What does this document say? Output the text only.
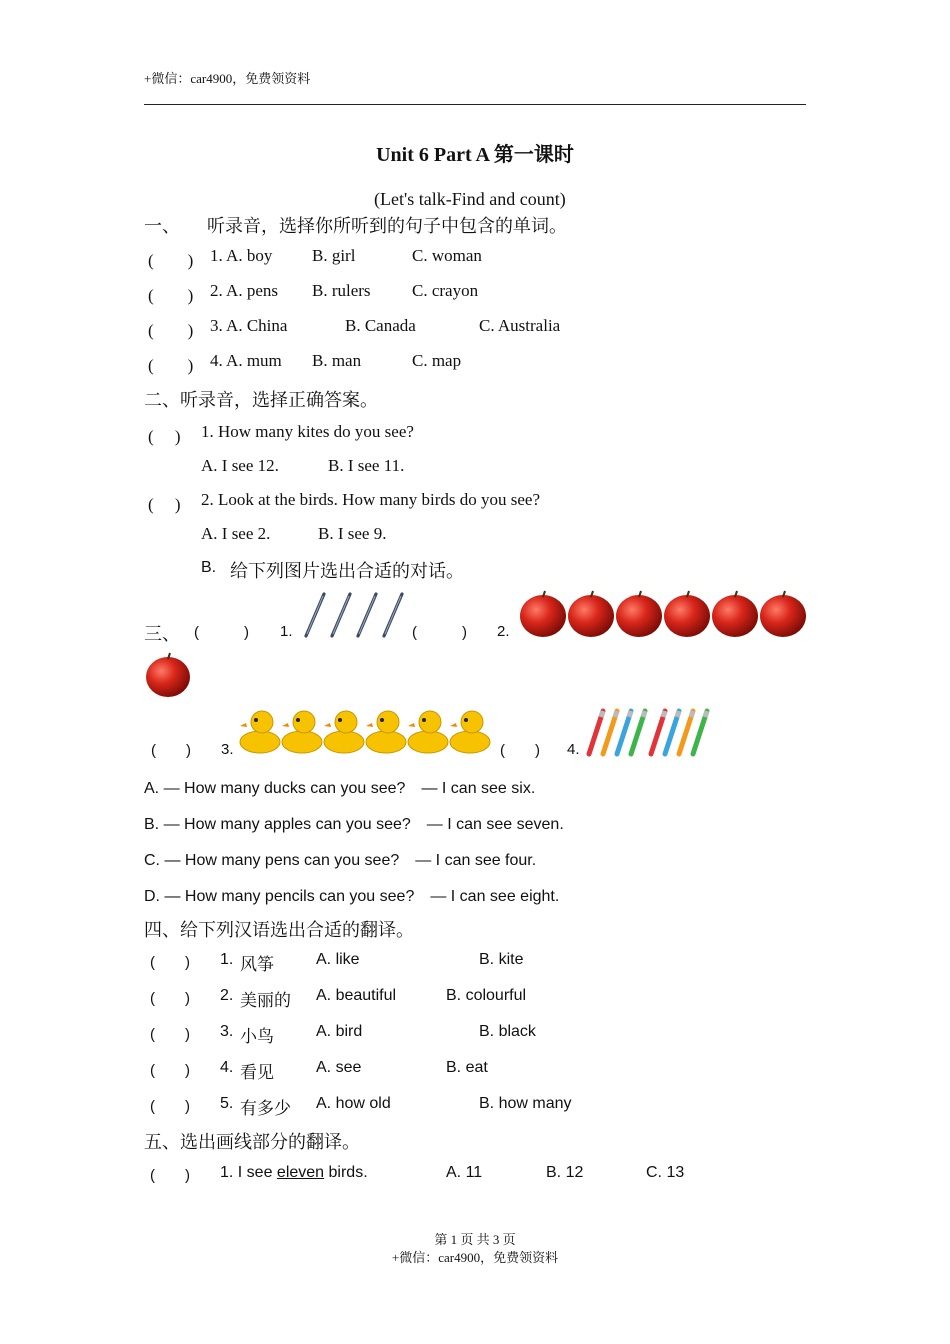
+微信：car4900，免费领资料
Unit 6 Part A 第一课时
(Let's talk-Find and count)
一、　　听录音，选择你所听到的句子中包含的单词。
(　　) 1. A. boy B. girl	C. woman
(　　) 2. A. pens B. rulers C. crayon
(　　) 3. A. China	B. Canada	C. Australia
(　　) 4. A. mum B. man	C. map
二、听录音，选择正确答案。
(　 ) 1. How many kites do you see?
A. I see 12.	B. I see 11.
(　 ) 2. Look at the birds. How many birds do you see?
A. I see 2.	B. I see 9.
B. 给下列图片选出合适的对话。
三、 (　　　) 1.	(　　　) 2.
(　　) 3.	(　　) 4.
A. — How many ducks can you see?　— I can see six.
B. — How many apples can you see?　— I can see seven.
C. — How many pens can you see?　— I can see four.
D. — How many pencils can you see?　— I can see eight.
四、给下列汉语选出合适的翻译。
(　　) 1. 风筝	A. like	B. kite
(　　) 2. 美丽的 A. beautiful	B. colourful
(　　) 3. 小鸟	A. bird	B. black
(　　) 4. 看见	A. see	B. eat
(　　) 5. 有多少 A. how old	B. how many
五、选出画线部分的翻译。
(　　) 1. I see eleven birds.	A. 11	B. 12	C. 13
第 1 页 共 3 页
+微信：car4900，免费领资料
